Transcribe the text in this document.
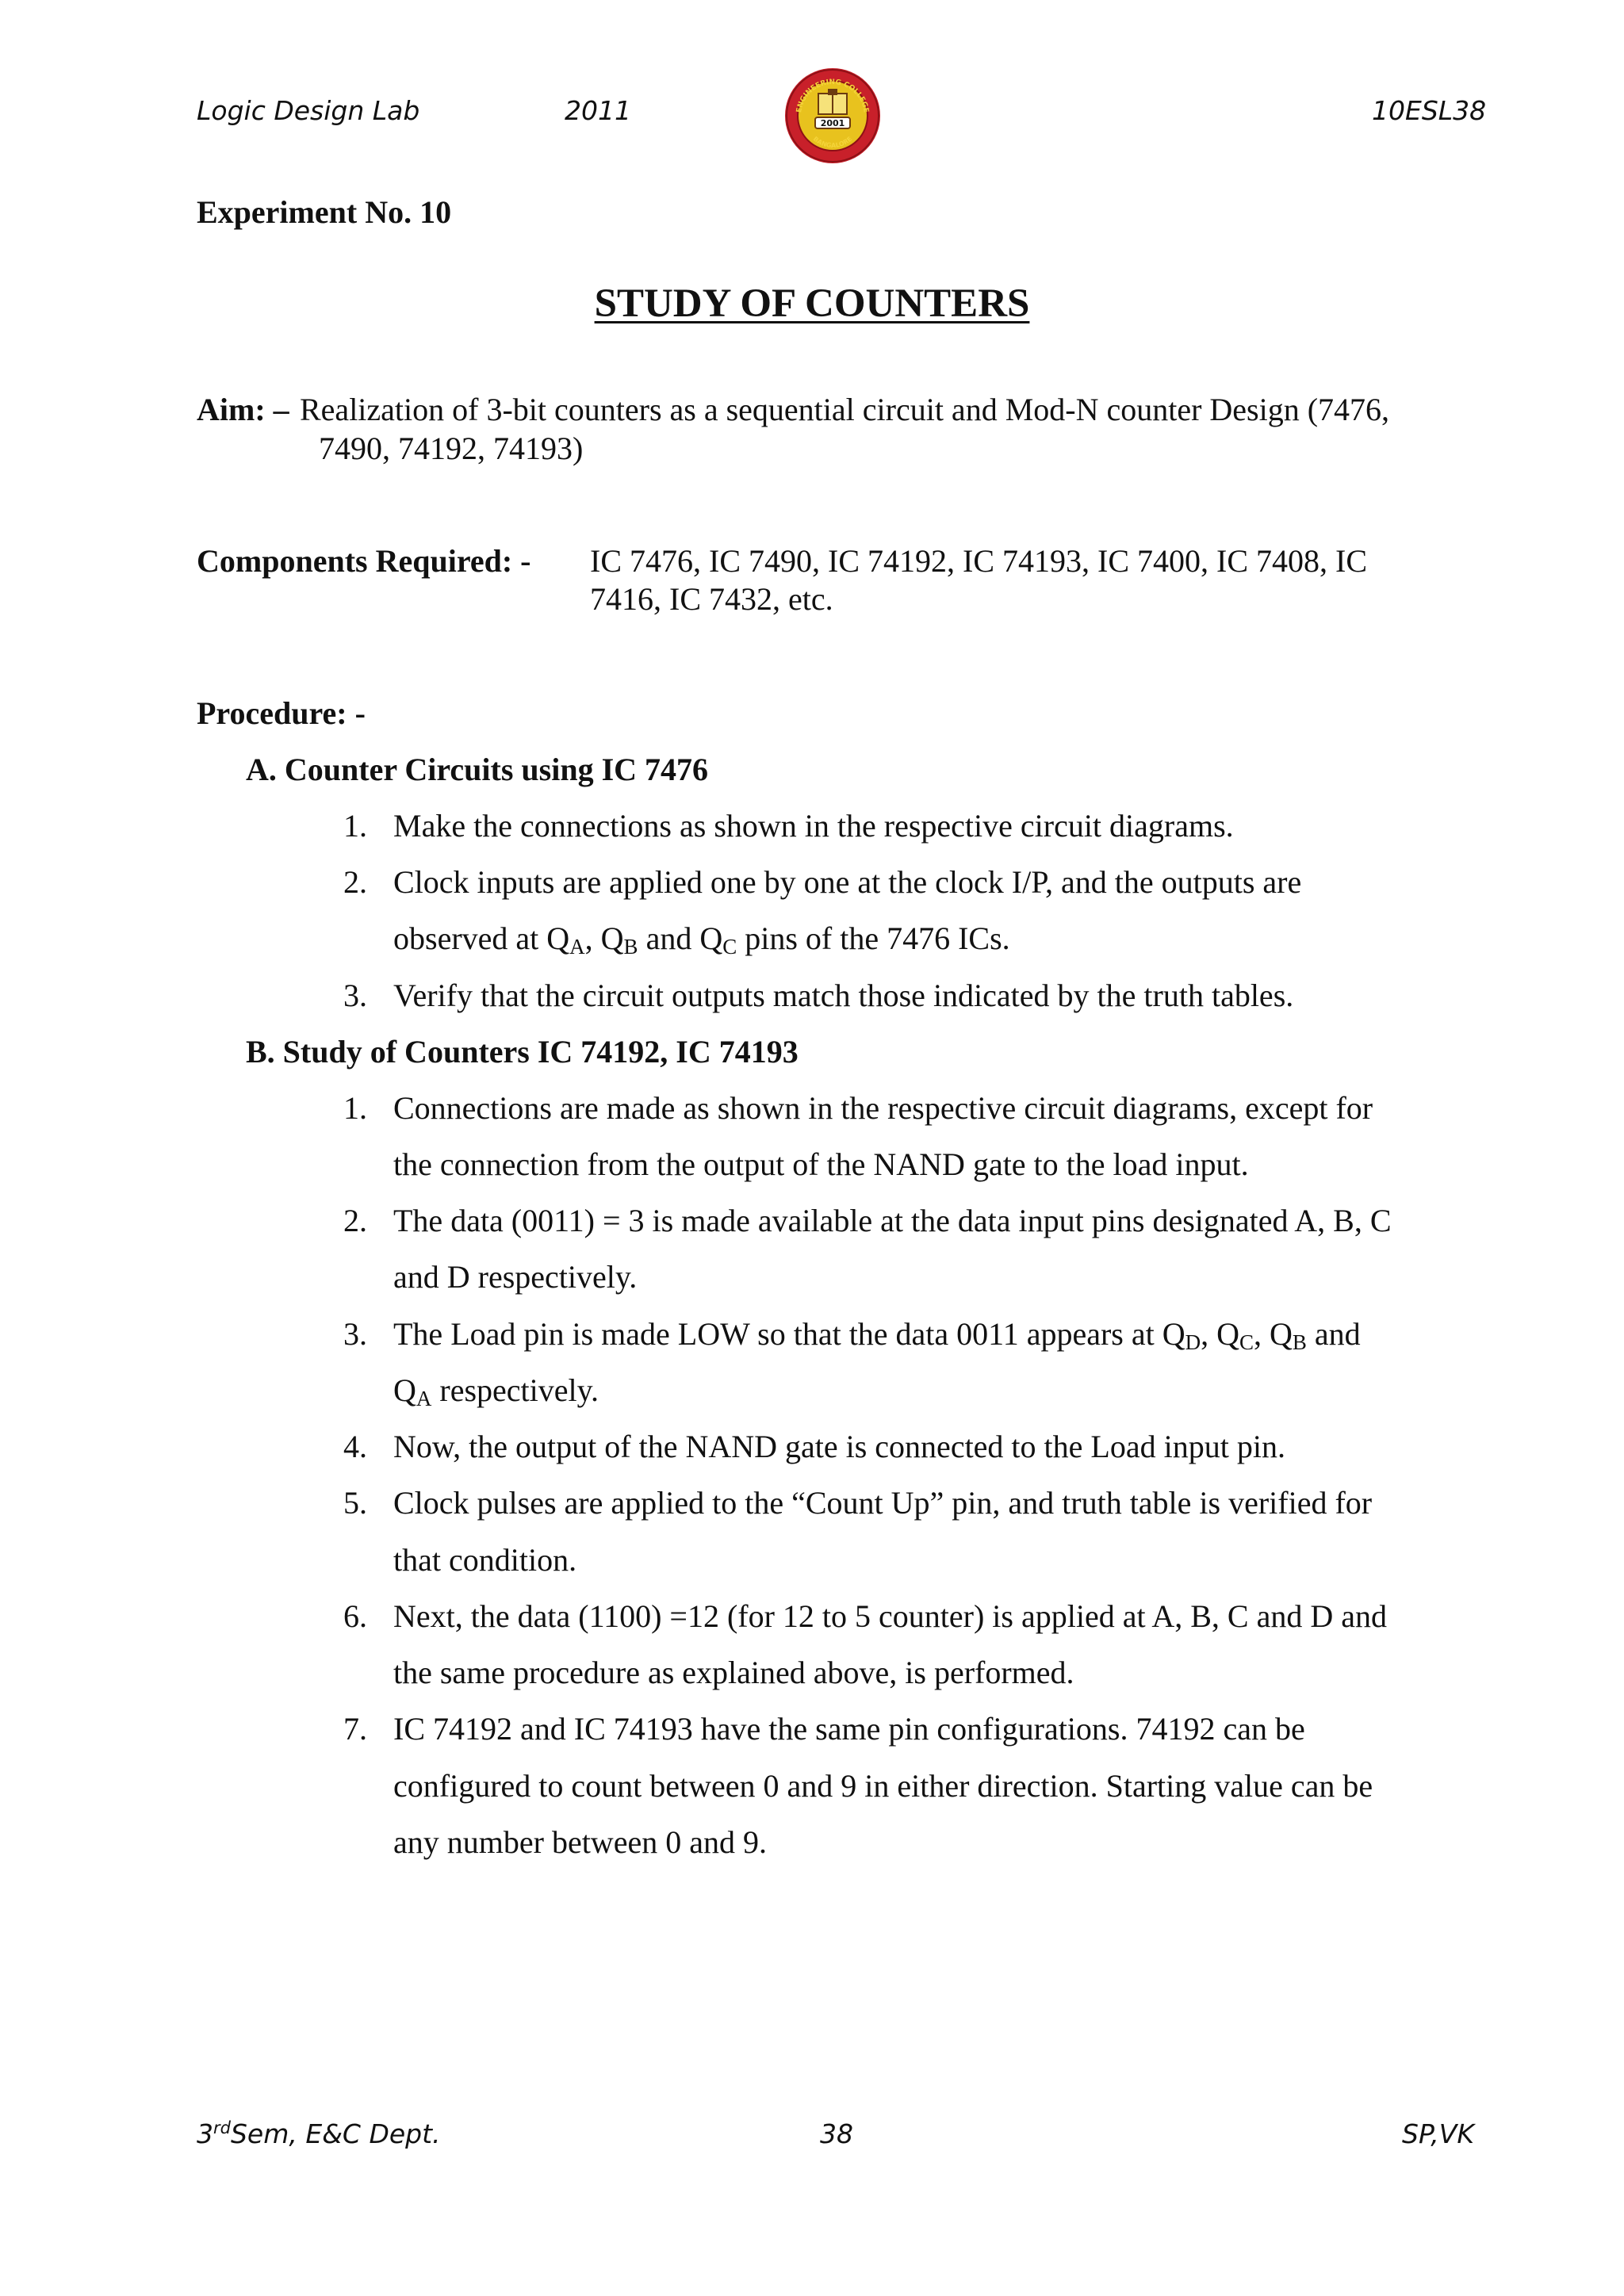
Logic Design Lab	2011	10ESL38
ENGINEERING COLLEGE
BANGALORE
2001
Experiment No. 10
STUDY OF COUNTERS
Aim: – Realization of 3-bit counters as a sequential circuit and Mod-N counter Design (7476,
7490, 74192, 74193)
Components Required: - IC 7476, IC 7490, IC 74192, IC 74193, IC 7400, IC 7408, IC
7416, IC 7432, etc.
Procedure: -
A. Counter Circuits using IC 7476
1. Make the connections as shown in the respective circuit diagrams.
2. Clock inputs are applied one by one at the clock I/P, and the outputs are
observed at $Q_A$, $Q_B$ and $Q_C$ pins of the 7476 ICs.
3. Verify that the circuit outputs match those indicated by the truth tables.
B. Study of Counters IC 74192, IC 74193
1. Connections are made as shown in the respective circuit diagrams, except for
the connection from the output of the NAND gate to the load input.
2. The data (0011) = 3 is made available at the data input pins designated A, B, C
and D respectively.
3. The Load pin is made LOW so that the data 0011 appears at $Q_D$, $Q_C$, $Q_B$ and
$Q_A$ respectively.
4. Now, the output of the NAND gate is connected to the Load input pin.
5. Clock pulses are applied to the “Count Up” pin, and truth table is verified for
that condition.
6. Next, the data (1100) =12 (for 12 to 5 counter) is applied at A, B, C and D and
the same procedure as explained above, is performed.
7. IC 74192 and IC 74193 have the same pin configurations. 74192 can be
configured to count between 0 and 9 in either direction. Starting value can be
any number between 0 and 9.
3rdSem, E&C Dept.	38	SP,VK
